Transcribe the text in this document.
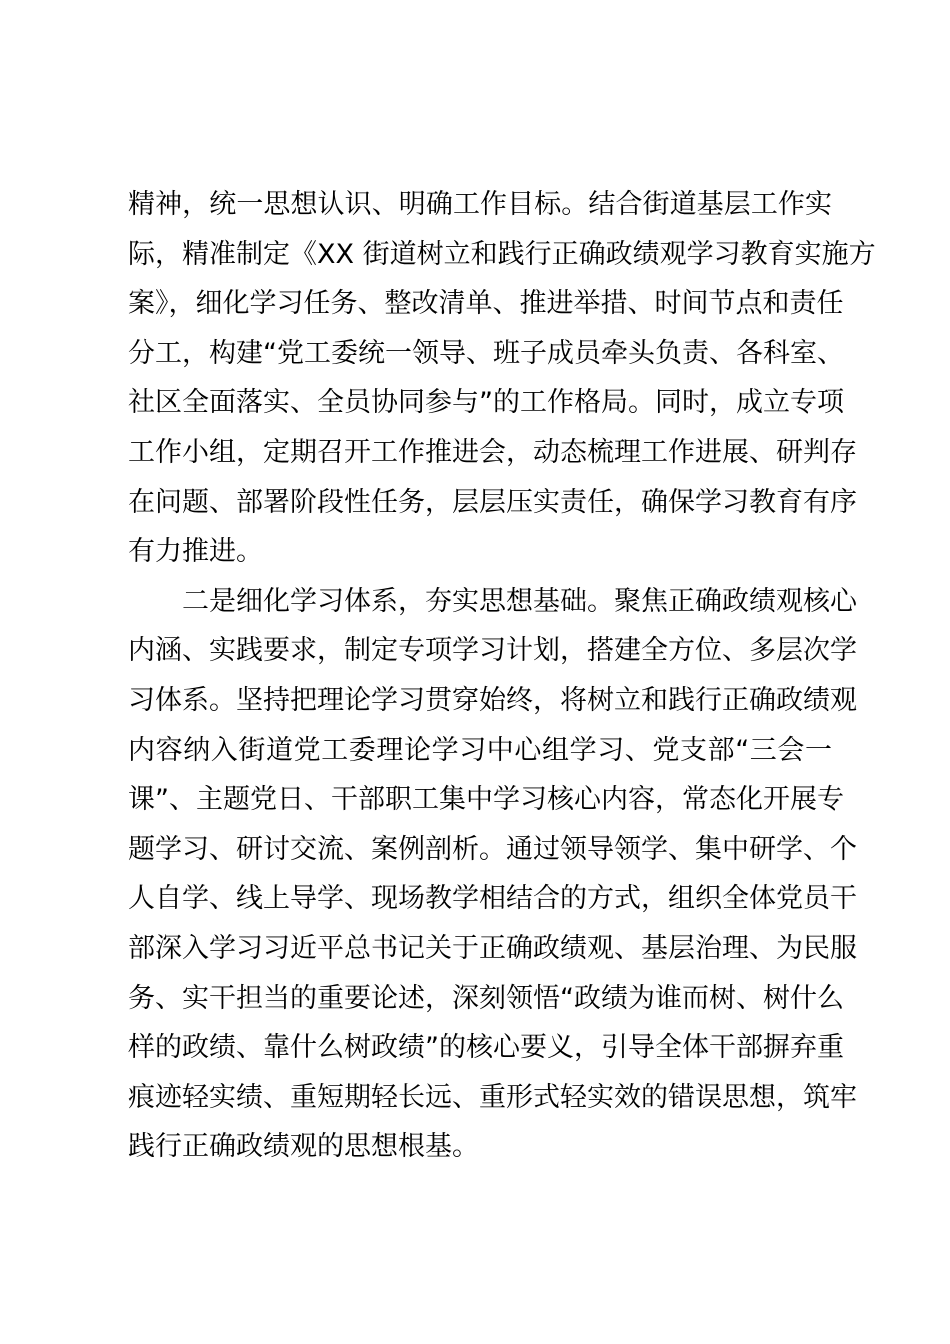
精神，统一思想认识、明确工作目标。结合街道基层工作实
际，精准制定《XX 街道树立和践行正确政绩观学习教育实施方
案》，细化学习任务、整改清单、推进举措、时间节点和责任
分工，构建“党工委统一领导、班子成员牵头负责、各科室、
社区全面落实、全员协同参与”的工作格局。同时，成立专项
工作小组，定期召开工作推进会，动态梳理工作进展、研判存
在问题、部署阶段性任务，层层压实责任，确保学习教育有序
有力推进。
二是细化学习体系，夯实思想基础。聚焦正确政绩观核心
内涵、实践要求，制定专项学习计划，搭建全方位、多层次学
习体系。坚持把理论学习贯穿始终，将树立和践行正确政绩观
内容纳入街道党工委理论学习中心组学习、党支部“三会一
课”、主题党日、干部职工集中学习核心内容，常态化开展专
题学习、研讨交流、案例剖析。通过领导领学、集中研学、个
人自学、线上导学、现场教学相结合的方式，组织全体党员干
部深入学习习近平总书记关于正确政绩观、基层治理、为民服
务、实干担当的重要论述，深刻领悟“政绩为谁而树、树什么
样的政绩、靠什么树政绩”的核心要义，引导全体干部摒弃重
痕迹轻实绩、重短期轻长远、重形式轻实效的错误思想，筑牢
践行正确政绩观的思想根基。
